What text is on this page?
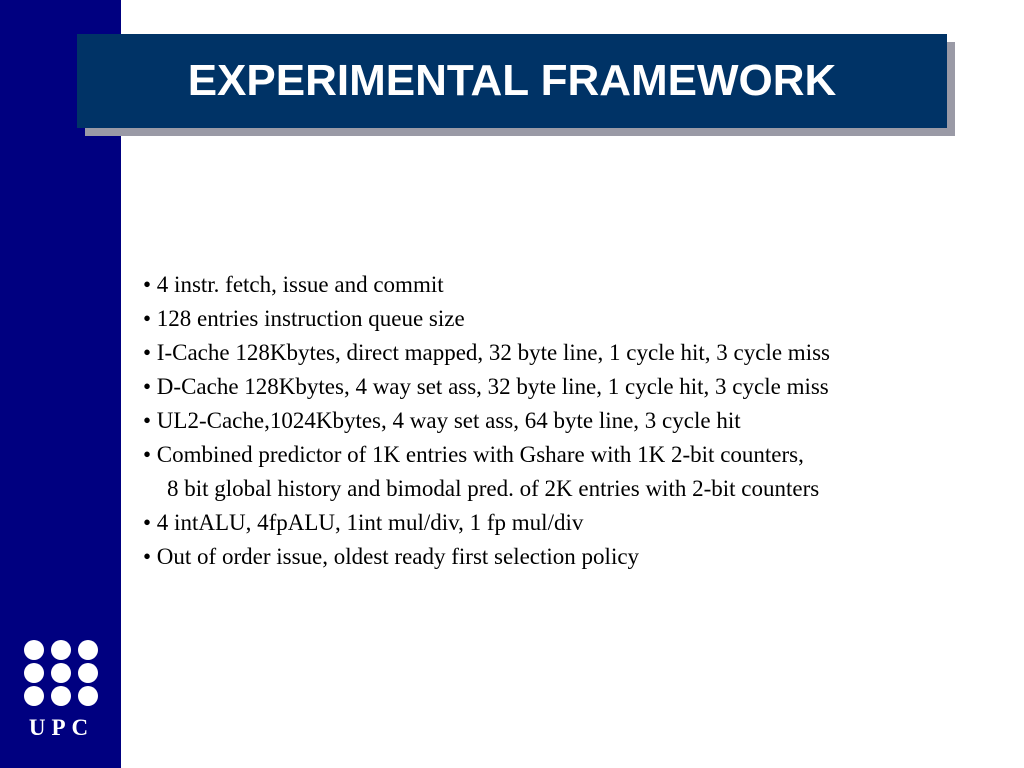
UPC
EXPERIMENTAL FRAMEWORK
• 4 instr. fetch, issue and commit
• 128 entries instruction queue size
• I-Cache 128Kbytes, direct mapped, 32 byte line, 1 cycle hit, 3 cycle miss
• D-Cache 128Kbytes, 4 way set ass, 32 byte line, 1 cycle hit, 3 cycle miss
• UL2-Cache,1024Kbytes, 4 way set ass, 64 byte line, 3 cycle hit
• Combined predictor of 1K entries with Gshare with 1K 2-bit counters,
8 bit global history and bimodal pred. of 2K entries with 2-bit counters
• 4 intALU, 4fpALU, 1int mul/div, 1 fp mul/div
• Out of order issue, oldest ready first selection policy
